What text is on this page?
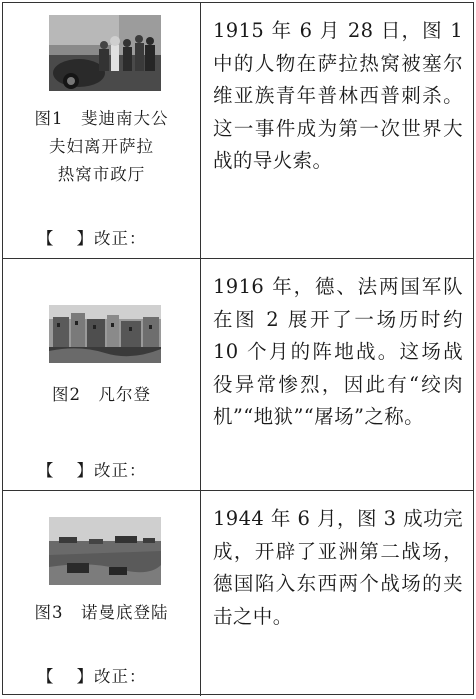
图1　斐迪南大公
夫妇离开萨拉
热窝市政厅
【 】改正：
1915 年 6 月 28 日，图 1 中的人物在萨拉热窝被塞尔维亚族青年普林西普刺杀。这一事件成为第一次世界大战的导火索。
图2　凡尔登
【 】改正：
1916 年，德、法两国军队在图 2 展开了一场历时约 10 个月的阵地战。这场战役异常惨烈，因此有“绞肉机”“地狱”“屠场”之称。
图3　诺曼底登陆
【 】改正：
1944 年 6 月，图 3 成功完成，开辟了亚洲第二战场，德国陷入东西两个战场的夹击之中。
